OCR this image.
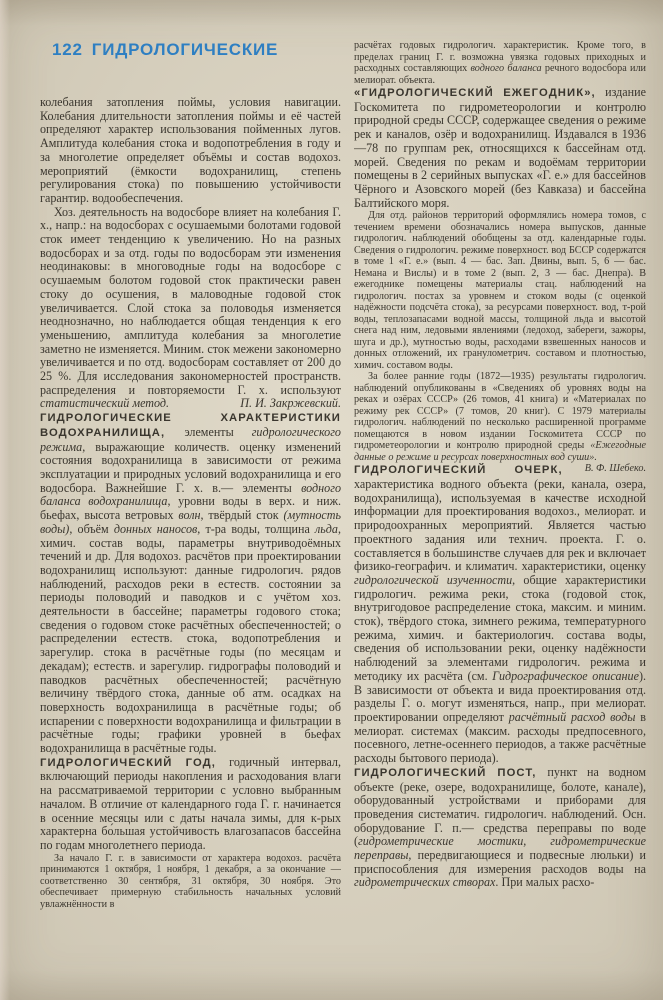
122 ГИДРОЛОГИЧЕСКИЕ

колебания затопления поймы, условия навигации. Колебания длительности затопления поймы и её частей определяют характер использования пойменных лугов. Амплитуда колебания стока и водопотребления в году и за многолетие определяет объёмы и состав водохоз. мероприятий (ёмкости водохранилищ, степень регулирования стока) по повышению устойчивости гарантир. водообеспечения.

Хоз. деятельность на водосборе влияет на колебания Г. х., напр.: на водосборах с осушаемыми болотами годовой сток имеет тенденцию к увеличению. Но на разных водосборах и за отд. годы по водосборам эти изменения неодинаковы: в многоводные годы на водосборе с осушаемым болотом годовой сток практически равен стоку до осушения, в маловодные годовой сток увеличивается. Слой стока за половодья изменяется неоднозначно, но наблюдается общая тенденция к его уменьшению, амплитуда колебания за многолетие заметно не изменяется. Миним. сток межени закономерно увеличивается и по отд. водосборам составляет от 200 до 25 %. Для исследования закономерностей пространств. распределения и повторяемости Г. х. используют статистический метод.	П. И. Закржевский.

ГИДРОЛОГИЧЕСКИЕ ХАРАКТЕРИСТИКИ ВОДОХРАНИЛИЩА, элементы гидрологического режима, выражающие количеств. оценку изменений состояния водохранилища в зависимости от режима эксплуатации и природных условий водохранилища и его водосбора. Важнейшие Г. х. в.— элементы водного баланса водохранилища, уровни воды в верх. и ниж. бьефах, высота ветровых волн, твёрдый сток (мутность воды), объём донных наносов, т-ра воды, толщина льда, химич. состав воды, параметры внутриводоёмных течений и др. Для водохоз. расчётов при проектировании водохранилищ используют: данные гидрологич. рядов наблюдений, расходов реки в естеств. состоянии за периоды половодий и паводков и с учётом хоз. деятельности в бассейне; параметры годового стока; сведения о годовом стоке расчётных обеспеченностей; о распределении естеств. стока, водопотребления и зарегулир. стока в расчётные годы (по месяцам и декадам); естеств. и зарегулир. гидрографы половодий и паводков расчётных обеспеченностей; расчётную величину твёрдого стока, данные об атм. осадках на поверхность водохранилища в расчётные годы; об испарении с поверхности водохранилища и фильтрации в расчётные годы; графики уровней в бьефах водохранилища в расчётные годы.

ГИДРОЛОГИЧЕСКИЙ ГОД, годичный интервал, включающий периоды накопления и расходования влаги на рассматриваемой территории с условно выбранным началом. В отличие от календарного года Г. г. начинается в осенние месяцы или с даты начала зимы, для к-рых характерна бо́льшая устойчивость влагозапасов бассейна по годам многолетнего периода.

За начало Г. г. в зависимости от характера водохоз. расчёта принимаются 1 октября, 1 ноября, 1 декабря, а за окончание — соответственно 30 сентября, 31 октября, 30 ноября. Это обеспечивает примерную стабильность начальных условий увлажнённости в

расчётах годовых гидрологич. характеристик. Кроме того, в пределах границ Г. г. возможна увязка годовых приходных и расходных составляющих водного баланса речного водосбора или мелиорат. объекта.

«ГИДРОЛОГИЧЕСКИЙ ЕЖЕГОДНИК», издание Госкомитета по гидрометеорологии и контролю природной среды СССР, содержащее сведения о режиме рек и каналов, озёр и водохранилищ. Издавался в 1936—78 по группам рек, относящихся к бассейнам отд. морей. Сведения по рекам и водоёмам территории помещены в 2 серийных выпусках «Г. е.» для бассейнов Чёрного и Азовского морей (без Кавказа) и бассейна Балтийского моря.

Для отд. районов территорий оформлялись номера томов, с течением времени обозначались номера выпусков, данные гидрологич. наблюдений обобщены за отд. календарные годы. Сведения о гидрологич. режиме поверхност. вод БССР содержатся в томе 1 «Г. е.» (вып. 4 — бас. Зап. Двины, вып. 5, 6 — бас. Немана и Вислы) и в томе 2 (вып. 2, 3 — бас. Днепра). В ежегоднике помещены материалы стац. наблюдений на гидрологич. постах за уровнем и стоком воды (с оценкой надёжности подсчёта стока), за ресурсами поверхност. вод, т-рой воды, теплозапасами водной массы, толщиной льда и высотой снега над ним, ледовыми явлениями (ледоход, забереги, зажоры, шуга и др.), мутностью воды, расходами взвешенных наносов и донных отложений, их гранулометрич. составом и плотностью, химич. составом воды.

За более ранние годы (1872—1935) результаты гидрологич. наблюдений опубликованы в «Сведениях об уровнях воды на реках и озёрах СССР» (26 томов, 41 книга) и «Материалах по режиму рек СССР» (7 томов, 20 книг). С 1979 материалы гидрологич. наблюдений по несколько расширенной программе помещаются в новом издании Госкомитета СССР по гидрометеорологии и контролю природной среды «Ежегодные данные о режиме и ресурсах поверхностных вод суши».
В. Ф. Шебеко.

ГИДРОЛОГИЧЕСКИЙ ОЧЕРК, характеристика водного объекта (реки, канала, озера, водохранилища), используемая в качестве исходной информации для проектирования водохоз., мелиорат. и природоохранных мероприятий. Является частью проектного задания или технич. проекта. Г. о. составляется в большинстве случаев для рек и включает физико-географич. и климатич. характеристики, оценку гидрологической изученности, общие характеристики гидрологич. режима реки, стока (годовой сток, внутригодовое распределение стока, максим. и миним. сток), твёрдого стока, зимнего режима, температурного режима, химич. и бактериологич. состава воды, сведения об использовании реки, оценку надёжности наблюдений за элементами гидрологич. режима и методику их расчёта (см. Гидрографическое описание). В зависимости от объекта и вида проектирования отд. разделы Г. о. могут изменяться, напр., при мелиорат. проектировании определяют расчётный расход воды в мелиорат. системах (максим. расходы предпосевного, посевного, летне-осеннего периодов, а также расчётные расходы бытового периода).

ГИДРОЛОГИЧЕСКИЙ ПОСТ, пункт на водном объекте (реке, озере, водохранилище, болоте, канале), оборудованный устройствами и приборами для проведения систематич. гидрологич. наблюдений. Осн. оборудование Г. п.— средства переправы по воде (гидрометрические мостики, гидрометрические переправы, передвигающиеся и подвесные люльки) и приспособления для измерения расходов воды на гидрометрических створах. При малых расхо-
